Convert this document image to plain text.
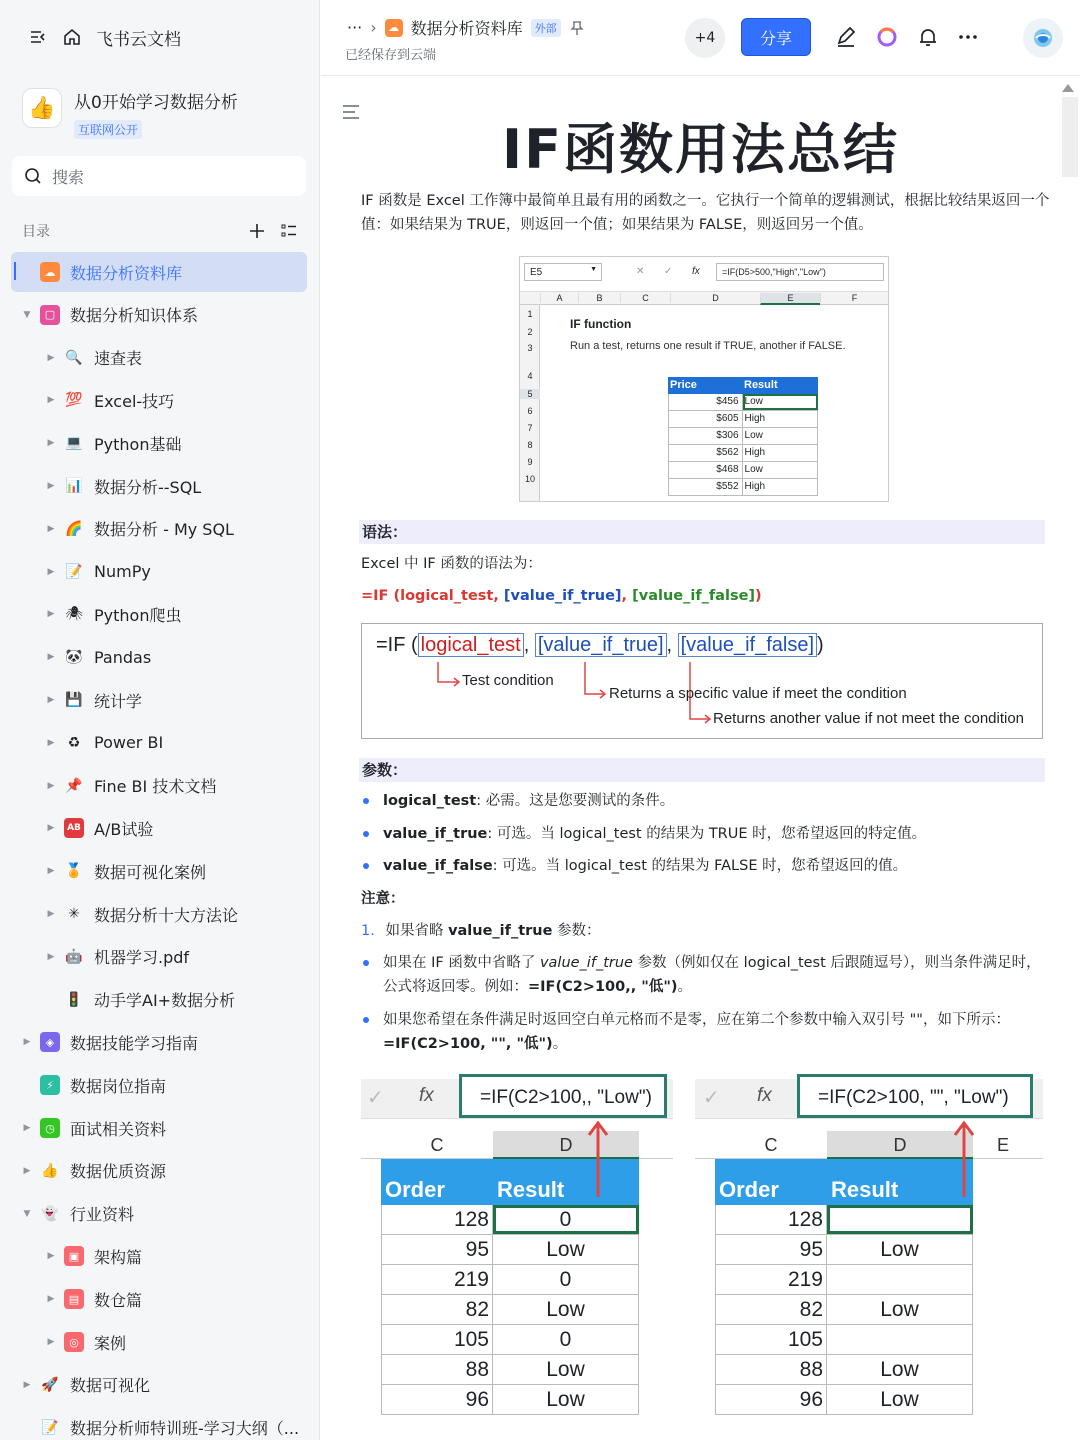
飞书云文档
👍	从0开始学习数据分析
互联网公开
搜索
目录
☁ 数据分析资料库
▼	▢ 数据分析知识体系
▶ 🔍 速查表
▶ 💯 Excel-技巧
▶ 💻 Python基础
▶ 📊 数据分析--SQL
▶ 🌈 数据分析 - My SQL
▶ 📝 NumPy
▶ 🕷 Python爬虫
▶ 🐼 Pandas
▶ 💾 统计学
▶ ♻ Power BI
▶ 📌 Fine BI 技术文档
▶	AB A/B试验
▶ 🏅 数据可视化案例
▶ ✳ 数据分析十大方法论
▶ 🤖 机器学习.pdf
🚦 动手学AI+数据分析
▶	◈ 数据技能学习指南
⚡	数据岗位指南
▶	◷ 面试相关资料
▶ 👍 数据优质资源
▼ 👻 行业资料
▶	▣ 架构篇
▶	▤ 数仓篇
▶	◎ 案例
▶ 🚀 数据可视化
📝 数据分析师特训班-学习大纲（...
··· ›	☁ 数据分析资料库	外部
已经保存到云端
+4	分享
IF函数用法总结
IF 函数是 Excel 工作簿中最简单且最有用的函数之一。它执行一个简单的逻辑测试，根据比较结果返回一个值：如果结果为 TRUE，则返回一个值；如果结果为 FALSE，则返回另一个值。
E5	▼	✕ ✓ fx	=IF(D5>500,"High","Low")
A	B	C	D	E	F
1
2
3
4
5
6
7
8
9
10
IF function
Run a test, returns one result if TRUE, another if FALSE.
Price	Result
$456 Low
$605 High
$306 Low
$562 High
$468 Low
$552 High
语法：
Excel 中 IF 函数的语法为：
=IF (logical_test, [value_if_true], [value_if_false])
=IF ( logical_test , [value_if_true] , [value_if_false] )
Test condition
Returns a specific value if meet the condition
Returns another value if not meet the condition
参数：
logical_test: 必需。这是您要测试的条件。
value_if_true: 可选。当 logical_test 的结果为 TRUE 时，您希望返回的特定值。
value_if_false: 可选。当 logical_test 的结果为 FALSE 时，您希望返回的值。
注意：
1. 如果省略 value_if_true 参数：
如果在 IF 函数中省略了 value_if_true 参数（例如仅在 logical_test 后跟随逗号），则当条件满足时，公式将返回零。例如：=IF(C2>100,, "低")。
如果您希望在条件满足时返回空白单元格而不是零，应在第二个参数中输入双引号 ""，如下所示：=IF(C2>100, "", "低")。
✓ fx	=IF(C2>100,, "Low")
C	D
Order	Result
128	0
95	Low
219	0
82	Low
105	0
88	Low
96	Low
✓ fx	=IF(C2>100, "", "Low")
C	D	E
Order	Result
128
95	Low
219
82	Low
105
88	Low
96	Low
